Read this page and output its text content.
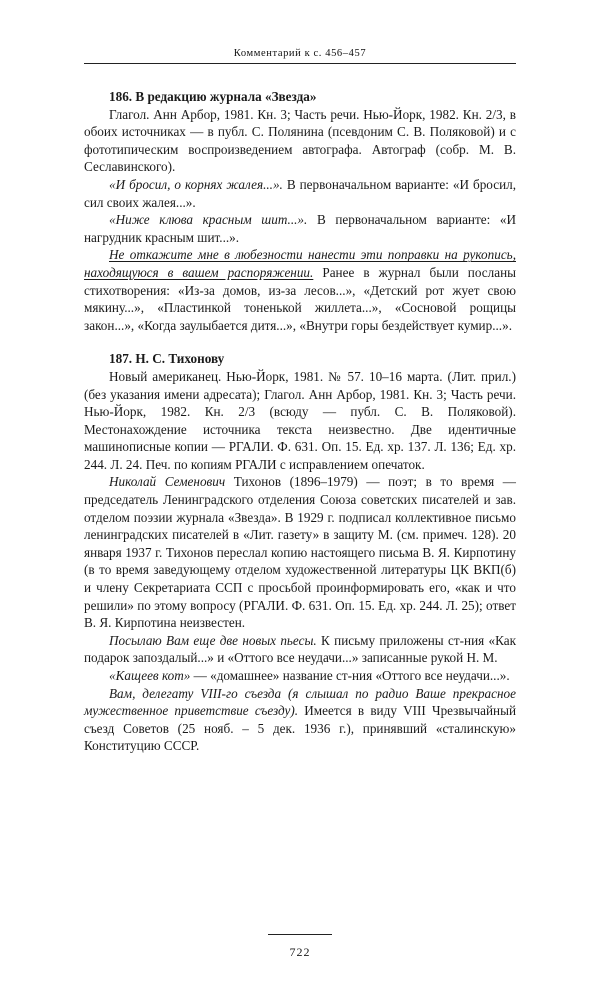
Комментарий к с. 456–457

186. В редакцию журнала «Звезда»

Глагол. Анн Арбор, 1981. Кн. 3; Часть речи. Нью-Йорк, 1982. Кн. 2/3, в обоих источниках — в публ. С. Полянина (псевдоним С. В. Поляковой) и с фототипическим воспроизведением автографа. Автограф (собр. М. В. Сеславинского).

«И бросил, о корнях жалея...». В первоначальном варианте: «И бросил, сил своих жалея...».

«Ниже клюва красным шит...». В первоначальном варианте: «И нагрудник красным шит...».

Не откажите мне в любезности нанести эти поправки на рукопись, находящуюся в вашем распоряжении. Ранее в журнал были посланы стихотворения: «Из-за домов, из-за лесов...», «Детский рот жует свою мякину...», «Пластинкой тоненькой жиллета...», «Сосновой рощицы закон...», «Когда заулыбается дитя...», «Внутри горы бездействует кумир...».

187. Н. С. Тихонову

Новый американец. Нью-Йорк, 1981. № 57. 10–16 марта. (Лит. прил.) (без указания имени адресата); Глагол. Анн Арбор, 1981. Кн. 3; Часть речи. Нью-Йорк, 1982. Кн. 2/3 (всюду — публ. С. В. Поляковой). Местонахождение источника текста неизвестно. Две идентичные машинописные копии — РГАЛИ. Ф. 631. Оп. 15. Ед. хр. 137. Л. 136; Ед. хр. 244. Л. 24. Печ. по копиям РГАЛИ с исправлением опечаток.

Николай Семенович Тихонов (1896–1979) — поэт; в то время — председатель Ленинградского отделения Союза советских писателей и зав. отделом поэзии журнала «Звезда». В 1929 г. подписал коллективное письмо ленинградских писателей в «Лит. газету» в защиту М. (см. примеч. 128). 20 января 1937 г. Тихонов переслал копию настоящего письма В. Я. Кирпотину (в то время заведующему отделом художественной литературы ЦК ВКП(б) и члену Секретариата ССП с просьбой проинформировать его, «как и что решили» по этому вопросу (РГАЛИ. Ф. 631. Оп. 15. Ед. хр. 244. Л. 25); ответ В. Я. Кирпотина неизвестен.

Посылаю Вам еще две новых пьесы. К письму приложены ст-ния «Как подарок запоздалый...» и «Оттого все неудачи...» записанные рукой Н. М.

«Кащеев кот» — «домашнее» название ст-ния «Оттого все неудачи...».

Вам, делегату VIII-го съезда (я слышал по радио Ваше прекрасное мужественное приветствие съезду). Имеется в виду VIII Чрезвычайный съезд Советов (25 нояб. – 5 дек. 1936 г.), принявший «сталинскую» Конституцию СССР.

722
